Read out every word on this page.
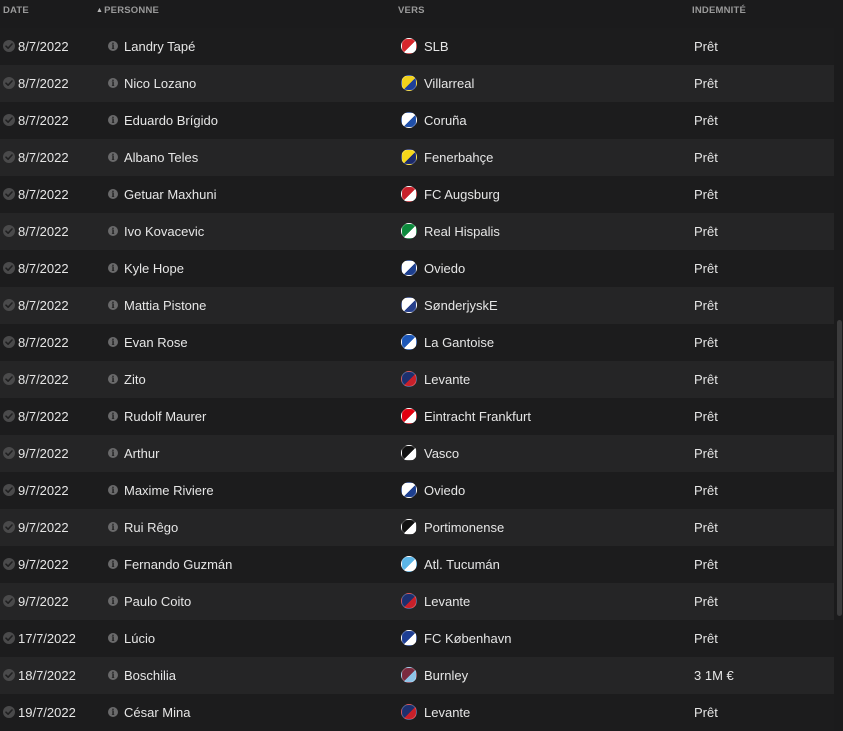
DATE	▲PERSONNE	VERS	INDEMNITÉ
8/7/2022	i Landry Tapé	SLB	Prêt
8/7/2022	i Nico Lozano	Villarreal	Prêt
8/7/2022	i Eduardo Brígido	Coruña	Prêt
8/7/2022	i Albano Teles	Fenerbahçe	Prêt
8/7/2022	i Getuar Maxhuni	FC Augsburg	Prêt
8/7/2022	i Ivo Kovacevic	Real Hispalis	Prêt
8/7/2022	i Kyle Hope	Oviedo	Prêt
8/7/2022	i Mattia Pistone	SønderjyskE	Prêt
8/7/2022	i Evan Rose	La Gantoise	Prêt
8/7/2022	i Zito	Levante	Prêt
8/7/2022	i Rudolf Maurer	Eintracht Frankfurt	Prêt
9/7/2022	i Arthur	Vasco	Prêt
9/7/2022	i Maxime Riviere	Oviedo	Prêt
9/7/2022	i Rui Rêgo	Portimonense	Prêt
9/7/2022	i Fernando Guzmán	Atl. Tucumán	Prêt
9/7/2022	i Paulo Coito	Levante	Prêt
17/7/2022	i Lúcio	FC København	Prêt
18/7/2022	i Boschilia	Burnley	3 1M €
19/7/2022	i César Mina	Levante	Prêt
